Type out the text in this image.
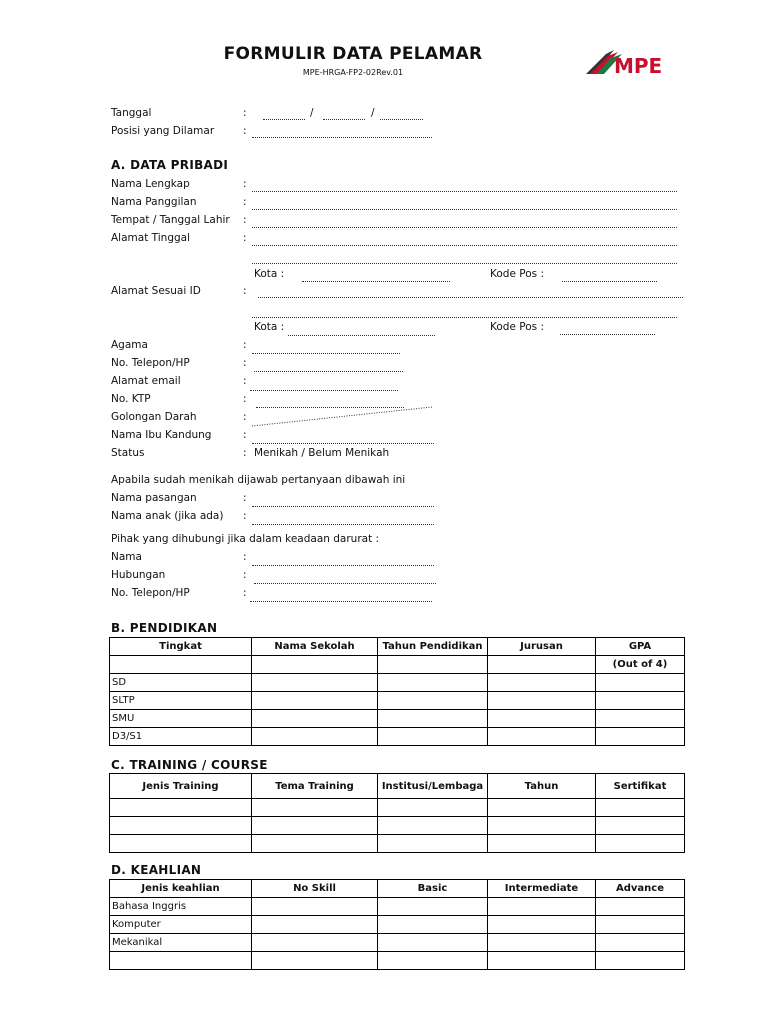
FORMULIR DATA PELAMAR
MPE-HRGA-FP2-02Rev.01	MPE
Tanggal	:	/	/
Posisi yang Dilamar	:
A. DATA PRIBADI
Nama Lengkap	:
Nama Panggilan	:
Tempat / Tanggal Lahir :
Alamat Tinggal	:
Kota :	Kode Pos :
Alamat Sesuai ID	:
Kota :	Kode Pos :
Agama	:
No. Telepon/HP	:
Alamat email	:
No. KTP	:
Golongan Darah	:
Nama Ibu Kandung	:
Status	: Menikah / Belum Menikah
Apabila sudah menikah dijawab pertanyaan dibawah ini
Nama pasangan	:
Nama anak (jika ada) :
Pihak yang dihubungi jika dalam keadaan darurat :
Nama	:
Hubungan	:
No. Telepon/HP	:
B. PENDIDIKAN
Tingkat	Nama Sekolah	Tahun Pendidikan	Jurusan	GPA
				(Out of 4)
SD				
SLTP				
SMU				
D3/S1				
C. TRAINING / COURSE
Jenis Training	Tema Training	Institusi/Lembaga	Tahun	Sertifikat

D. KEAHLIAN
Jenis keahlian	No Skill	Basic	Intermediate	Advance
Bahasa Inggris				
Komputer				
Mekanikal				
